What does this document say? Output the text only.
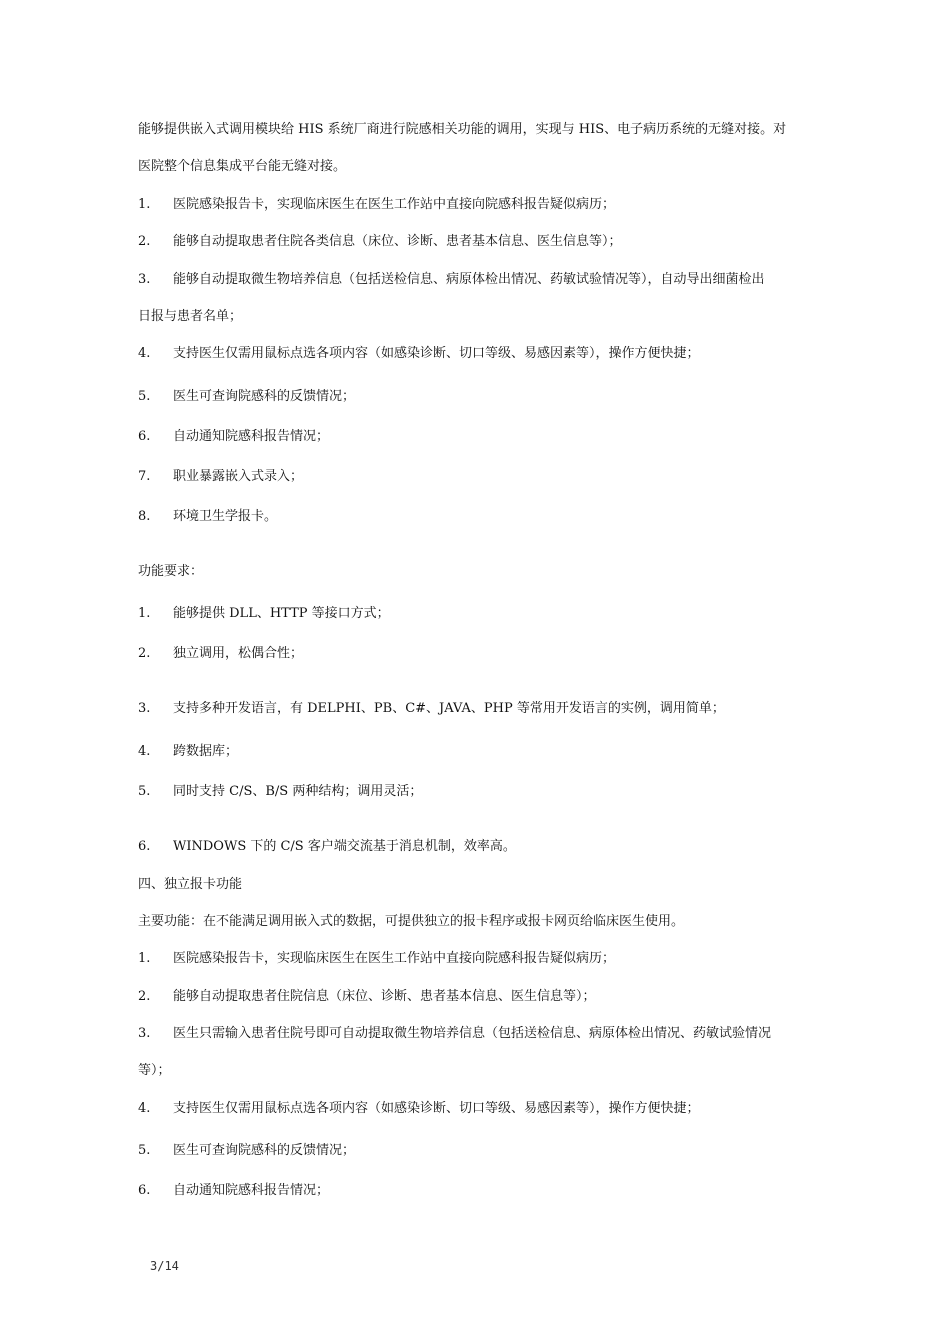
能够提供嵌入式调用模块给 HIS 系统厂商进行院感相关功能的调用，实现与 HIS、电子病历系统的无缝对接。对
医院整个信息集成平台能无缝对接。
1. 医院感染报告卡，实现临床医生在医生工作站中直接向院感科报告疑似病历；
2. 能够自动提取患者住院各类信息（床位、诊断、患者基本信息、医生信息等）；
3. 能够自动提取微生物培养信息（包括送检信息、病原体检出情况、药敏试验情况等），自动导出细菌检出
日报与患者名单；
4. 支持医生仅需用鼠标点选各项内容（如感染诊断、切口等级、易感因素等），操作方便快捷；
5. 医生可查询院感科的反馈情况；
6. 自动通知院感科报告情况；
7. 职业暴露嵌入式录入；
8. 环境卫生学报卡。
功能要求：
1. 能够提供 DLL、HTTP 等接口方式；
2. 独立调用，松偶合性；
3. 支持多种开发语言，有 DELPHI、PB、C#、JAVA、PHP 等常用开发语言的实例，调用简单；
4. 跨数据库；
5. 同时支持 C/S、B/S 两种结构；调用灵活；
6. WINDOWS 下的 C/S 客户端交流基于消息机制，效率高。
四、独立报卡功能
主要功能：在不能满足调用嵌入式的数据，可提供独立的报卡程序或报卡网页给临床医生使用。
1. 医院感染报告卡，实现临床医生在医生工作站中直接向院感科报告疑似病历；
2. 能够自动提取患者住院信息（床位、诊断、患者基本信息、医生信息等）；
3. 医生只需输入患者住院号即可自动提取微生物培养信息（包括送检信息、病原体检出情况、药敏试验情况
等）；
4. 支持医生仅需用鼠标点选各项内容（如感染诊断、切口等级、易感因素等），操作方便快捷；
5. 医生可查询院感科的反馈情况；
6. 自动通知院感科报告情况；
3/14
